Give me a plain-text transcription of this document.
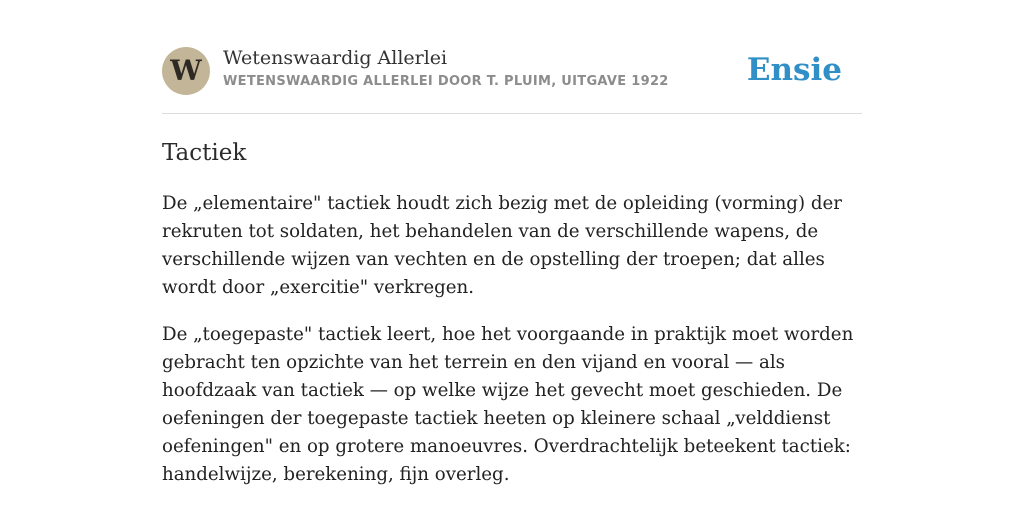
W	Wetenswaardig Allerlei
WETENSWAARDIG ALLERLEI DOOR T. PLUIM, UITGAVE 1922	Ensie
Tactiek

De „elementaire" tactiek houdt zich bezig met de opleiding (vorming) der rekruten tot soldaten, het behandelen van de verschillende wapens, de verschillende wijzen van vechten en de opstelling der troepen; dat alles wordt door „exercitie" verkregen.

De „toegepaste" tactiek leert, hoe het voorgaande in praktijk moet worden gebracht ten opzichte van het terrein en den vijand en vooral — als hoofdzaak van tactiek — op welke wijze het gevecht moet geschieden. De oefeningen der toegepaste tactiek heeten op kleinere schaal „velddienst oefeningen" en op grotere manoeuvres. Overdrachtelijk beteekent tactiek: handelwijze, berekening, fijn overleg.
